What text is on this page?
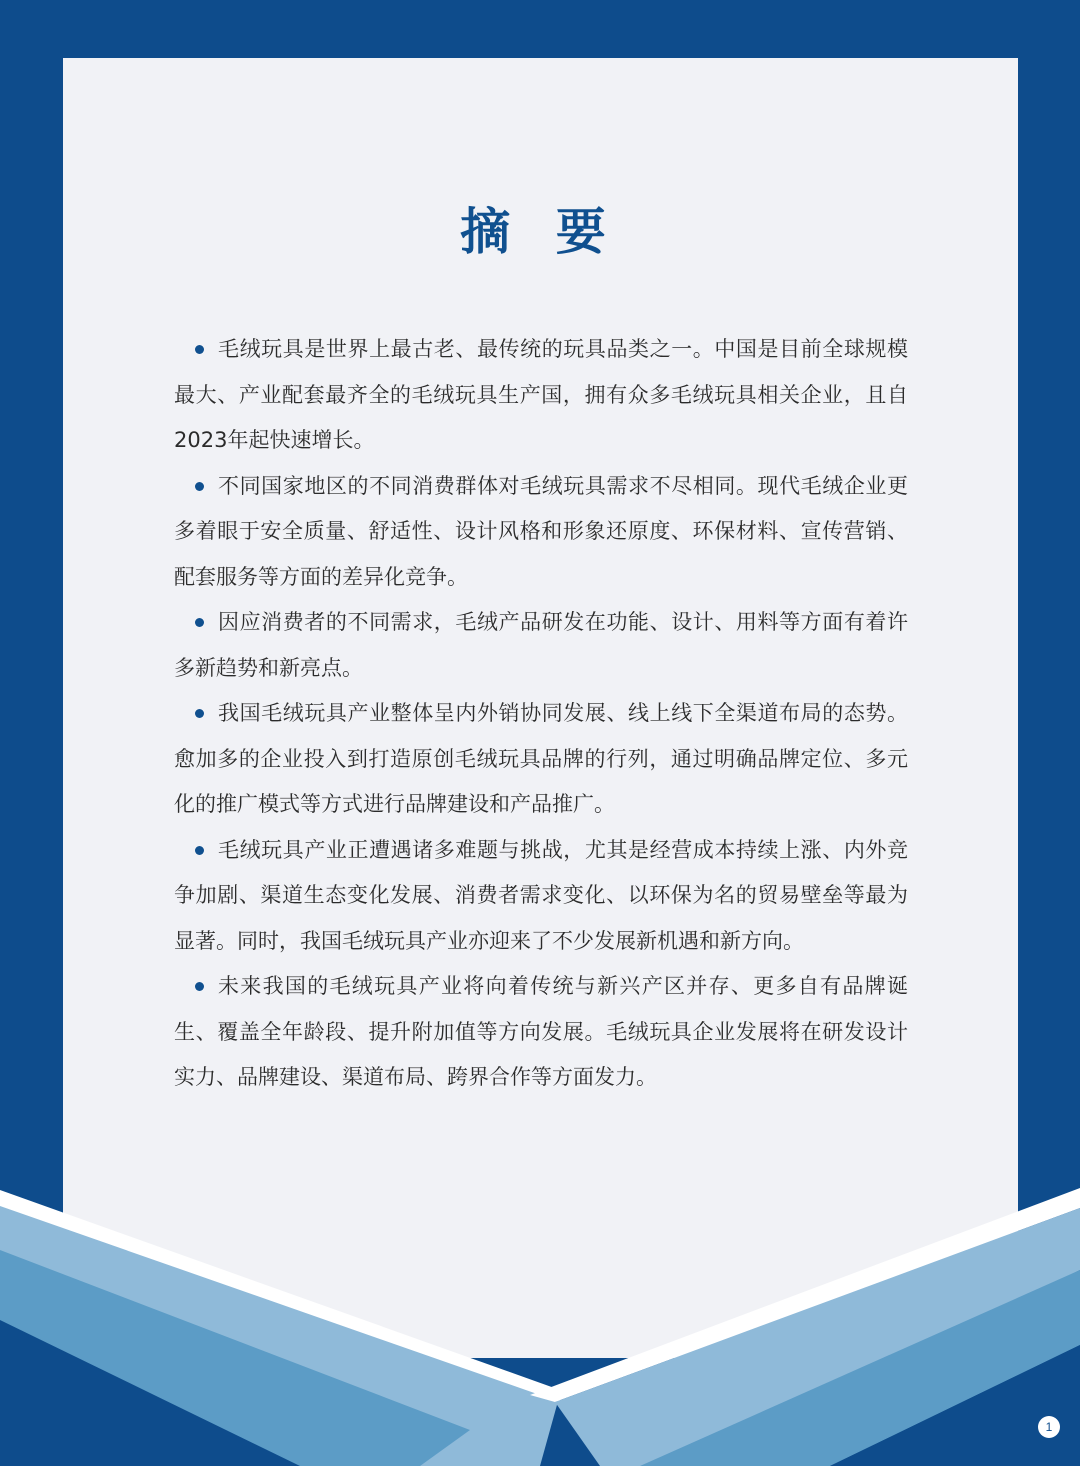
摘 要

毛绒玩具是世界上最古老、最传统的玩具品类之一。中国是目前全球规模最大、产业配套最齐全的毛绒玩具生产国，拥有众多毛绒玩具相关企业，且自2023年起快速增长。

不同国家地区的不同消费群体对毛绒玩具需求不尽相同。现代毛绒企业更多着眼于安全质量、舒适性、设计风格和形象还原度、环保材料、宣传营销、配套服务等方面的差异化竞争。

因应消费者的不同需求，毛绒产品研发在功能、设计、用料等方面有着许多新趋势和新亮点。

我国毛绒玩具产业整体呈内外销协同发展、线上线下全渠道布局的态势。愈加多的企业投入到打造原创毛绒玩具品牌的行列，通过明确品牌定位、多元化的推广模式等方式进行品牌建设和产品推广。

毛绒玩具产业正遭遇诸多难题与挑战，尤其是经营成本持续上涨、内外竞争加剧、渠道生态变化发展、消费者需求变化、以环保为名的贸易壁垒等最为显著。同时，我国毛绒玩具产业亦迎来了不少发展新机遇和新方向。

未来我国的毛绒玩具产业将向着传统与新兴产区并存、更多自有品牌诞生、覆盖全年龄段、提升附加值等方向发展。毛绒玩具企业发展将在研发设计实力、品牌建设、渠道布局、跨界合作等方面发力。

1
